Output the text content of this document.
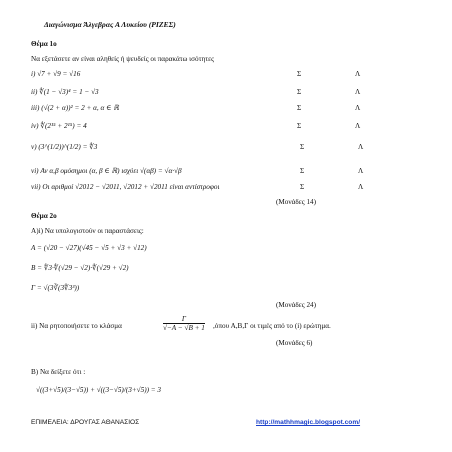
Διαγώνισμα Άλγεβρας Α Λυκείου (ΡΙΖΕΣ)
Θέμα 1ο
Να εξετάσετε αν είναι αληθείς ή ψευδείς οι παρακάτω ισότητες
i) √7 + √9 = √16	Σ	Λ
ii) ∜(1 − √3)⁴ = 1 − √3	Σ	Λ
iii) (√(2 + α))² = 2 + α, α ∈ ℝ	Σ	Λ
iv) ∜(2¹⁵ + 2¹⁵) = 4	Σ	Λ
v) (3^(1/2))^(1/2) = ∜3	Σ	Λ
vi) Αν α,β ομόσημοι (α, β ∈ ℝ) ισχύει √(αβ) = √α·√β	Σ	Λ
vii) Οι αριθμοί √2012 − √2011, √2012 + √2011 είναι αντίστροφοι	Σ	Λ
(Μονάδες 14)
Θέμα 2ο
Α)i) Να υπολογιστούν οι παραστάσεις:
A = (√20 − √27)(√45 − √5 + √3 + √12)
B = ∜3·∜(√29 − √2)·∜(√29 + √2)
Γ = √(3∛(3∜3³))
(Μονάδες 24)
ii) Να ρητοποιήσετε το κλάσμα	$\frac{\Gamma}{√-A - √B + 1} ,ό\pi o\upsilon$ Α,Β,Γ οι τιμές από το (i) ερώτημα.
(Μονάδες 6)
Β) Να δείξετε ότι :
√((3+√5)/(3−√5)) + √((3−√5)/(3+√5)) = 3
ΕΠΙΜΕΛΕΙΑ: ΔΡΟΥΓΑΣ ΑΘΑΝΑΣΙΟΣ	http://mathhmagic.blogspot.com/
